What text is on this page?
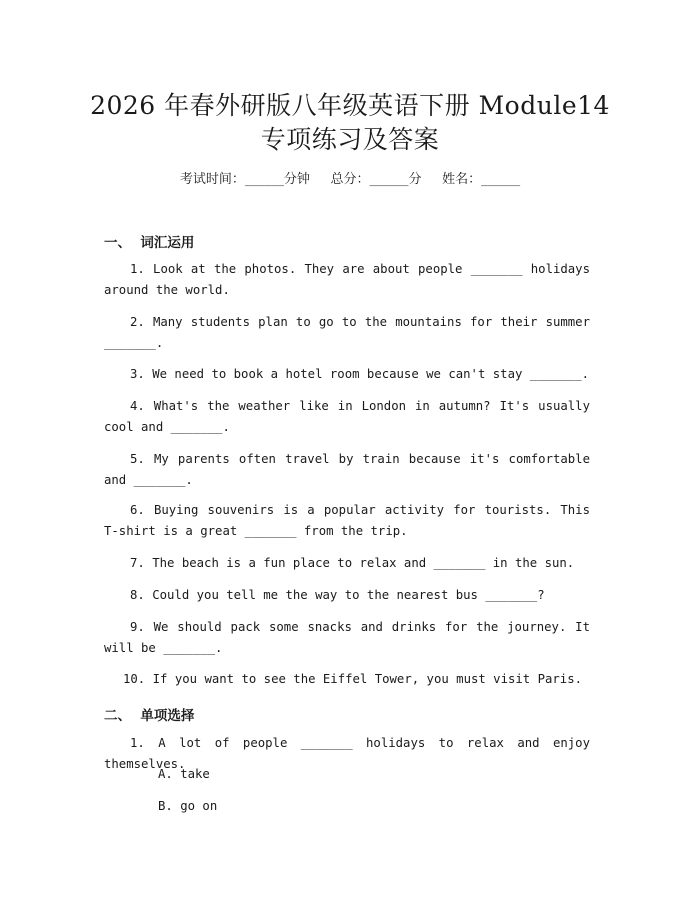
2026 年春外研版八年级英语下册 Module14
专项练习及答案
考试时间：______分钟     总分：______分     姓名：______
一、  词汇运用
1. Look at the photos. They are about people _______ holidays around the world.
2. Many students plan to go to the mountains for their summer _______.
3. We need to book a hotel room because we can't stay _______.
4. What's the weather like in London in autumn? It's usually cool and _______.
5. My parents often travel by train because it's comfortable and _______.
6. Buying souvenirs is a popular activity for tourists. This T-shirt is a great _______ from the trip.
7. The beach is a fun place to relax and _______ in the sun.
8. Could you tell me the way to the nearest bus _______?
9. We should pack some snacks and drinks for the journey. It will be _______.
10. If you want to see the Eiffel Tower, you must visit Paris.
二、  单项选择
1. A lot of people _______ holidays to relax and enjoy themselves.
A. take
B. go on
